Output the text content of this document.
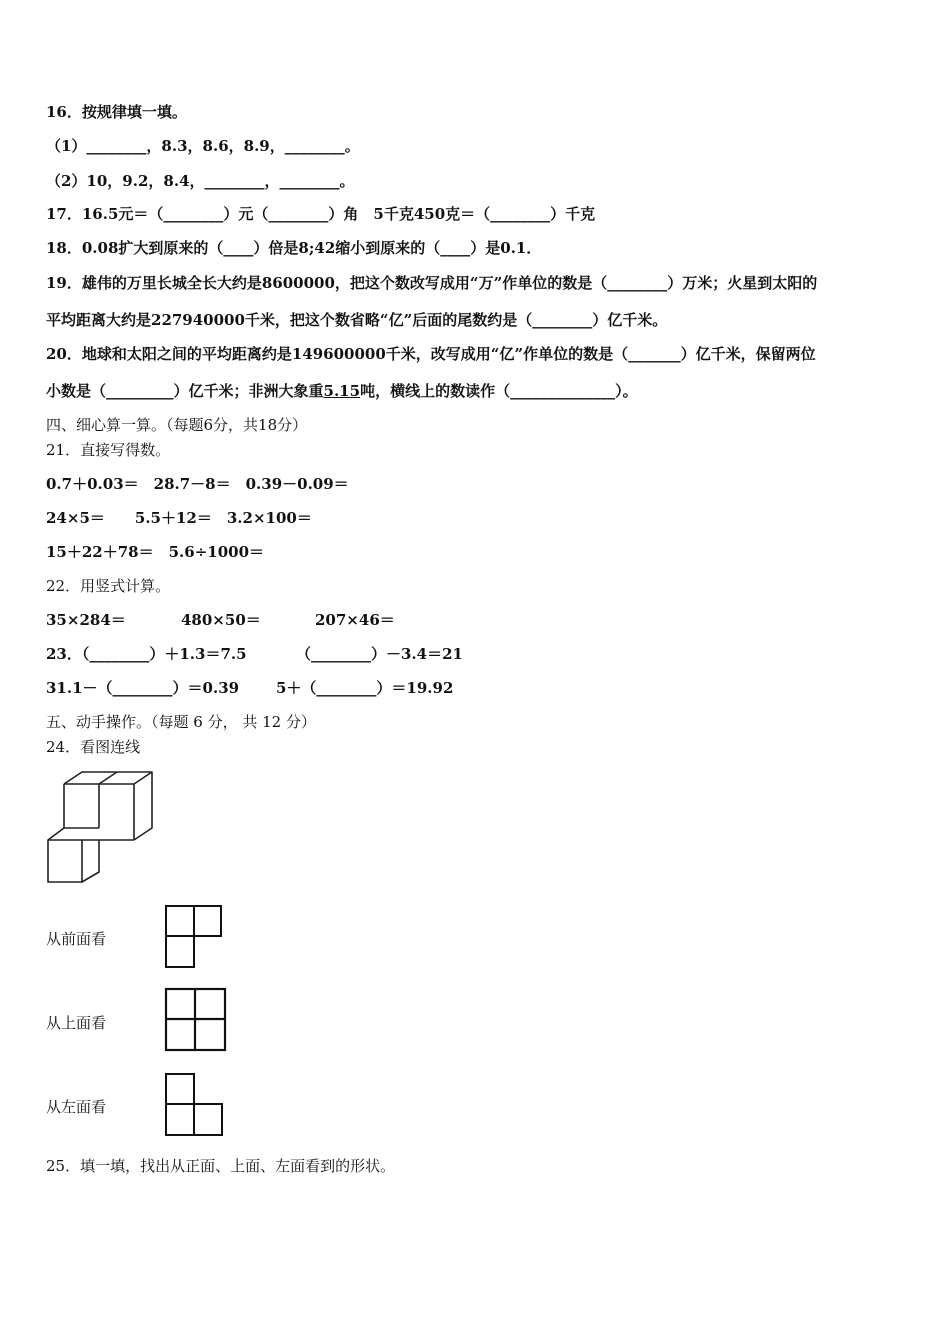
16．按规律填一填。
（1）________，8.3，8.6，8.9，________。
（2）10，9.2，8.4，________，________。
17．16.5元＝（________）元（________）角　5千克450克＝（________）千克
18．0.08扩大到原来的（____）倍是8;42缩小到原来的（____）是0.1．
19．雄伟的万里长城全长大约是8600000，把这个数改写成用“万”作单位的数是（________）万米；火星到太阳的
平均距离大约是227940000千米，把这个数省略“亿”后面的尾数约是（________）亿千米。
20．地球和太阳之间的平均距离约是149600000千米，改写成用“亿”作单位的数是（_______）亿千米，保留两位
小数是（_________）亿千米；非洲大象重5.15吨，横线上的数读作（______________）。
四、细心算一算。（每题6分，共18分）
21．直接写得数。
0.7＋0.03＝　28.7－8＝　0.39－0.09＝
24×5＝　　5.5＋12＝　3.2×100＝
15＋22＋78＝　5.6÷1000＝
22．用竖式计算。
35×284＝	480×50＝	207×46＝
23．（________）＋1.3＝7.5	（________）－3.4＝21
31.1－（________）＝0.39 5＋（________）＝19.92
五、动手操作。（每题 6 分， 共 12 分）
24．看图连线
从前面看
从上面看
从左面看
25．填一填，找出从正面、上面、左面看到的形状。
